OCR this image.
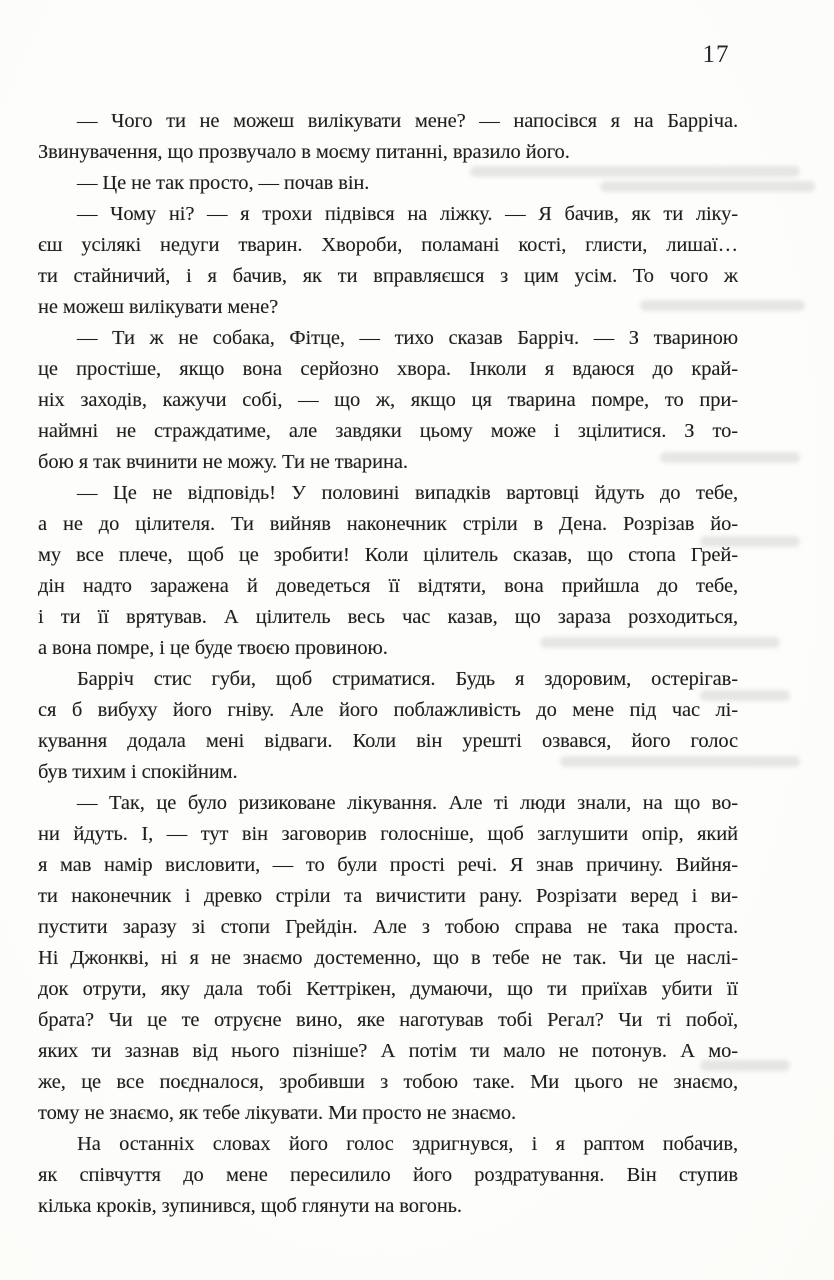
17
— Чого ти не можеш вилікувати мене? — напосівся я на Барріча.
Звинувачення, що прозвучало в моєму питанні, вразило його.
— Це не так просто, — почав він.
— Чому ні? — я трохи підвівся на ліжку. — Я бачив, як ти ліку-
єш усілякі недуги тварин. Хвороби, поламані кості, глисти, лишаї…
ти стайничий, і я бачив, як ти вправляєшся з цим усім. То чого ж
не можеш вилікувати мене?
— Ти ж не собака, Фітце, — тихо сказав Барріч. — З твариною
це простіше, якщо вона серйозно хвора. Інколи я вдаюся до край-
ніх заходів, кажучи собі, — що ж, якщо ця тварина помре, то при-
наймні не страждатиме, але завдяки цьому може і зцілитися. З то-
бою я так вчинити не можу. Ти не тварина.
— Це не відповідь! У половині випадків вартовці йдуть до тебе,
а не до цілителя. Ти вийняв наконечник стріли в Дена. Розрізав йо-
му все плече, щоб це зробити! Коли цілитель сказав, що стопа Грей-
дін надто заражена й доведеться її відтяти, вона прийшла до тебе,
і ти її врятував. А цілитель весь час казав, що зараза розходиться,
а вона помре, і це буде твоєю провиною.
Барріч стис губи, щоб стриматися. Будь я здоровим, остерігав-
ся б вибуху його гніву. Але його поблажливість до мене під час лі-
кування додала мені відваги. Коли він урешті озвався, його голос
був тихим і спокійним.
— Так, це було ризиковане лікування. Але ті люди знали, на що во-
ни йдуть. І, — тут він заговорив голосніше, щоб заглушити опір, який
я мав намір висловити, — то були прості речі. Я знав причину. Вийня-
ти наконечник і древко стріли та вичистити рану. Розрізати веред і ви-
пустити заразу зі стопи Грейдін. Але з тобою справа не така проста.
Ні Джонкві, ні я не знаємо достеменно, що в тебе не так. Чи це наслі-
док отрути, яку дала тобі Кеттрікен, думаючи, що ти приїхав убити її
брата? Чи це те отруєне вино, яке наготував тобі Регал? Чи ті побої,
яких ти зазнав від нього пізніше? А потім ти мало не потонув. А мо-
же, це все поєдналося, зробивши з тобою таке. Ми цього не знаємо,
тому не знаємо, як тебе лікувати. Ми просто не знаємо.
На останніх словах його голос здригнувся, і я раптом побачив,
як співчуття до мене пересилило його роздратування. Він ступив
кілька кроків, зупинився, щоб глянути на вогонь.
